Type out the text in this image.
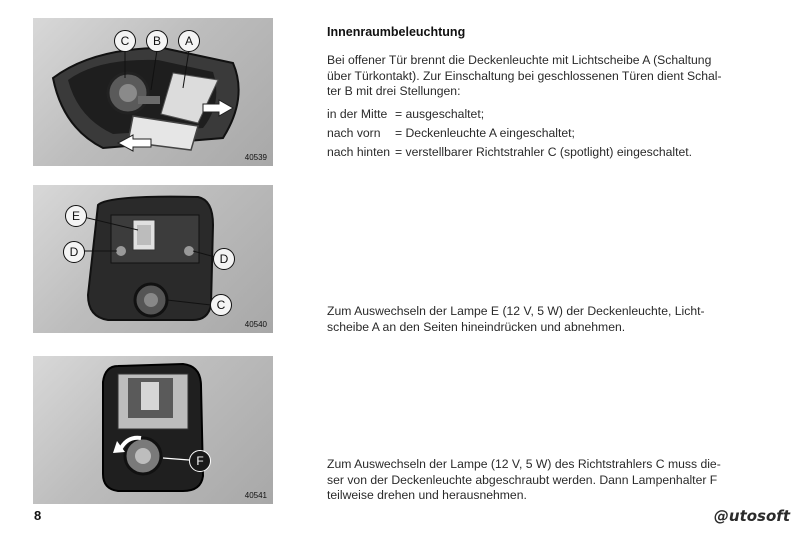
C	B	A
40539
E
D	D
C
40540
F
40541
Innenraumbeleuchtung
Bei offener Tür brennt die Deckenleuchte mit Lichtscheibe A (Schaltung
über Türkontakt). Zur Einschaltung bei geschlossenen Türen dient Schal-
ter B mit drei Stellungen:
in der Mitte = ausgeschaltet;
nach vorn	= Deckenleuchte A eingeschaltet;
nach hinten = verstellbarer Richtstrahler C (spotlight) eingeschaltet.
Zum Auswechseln der Lampe E (12 V, 5 W) der Deckenleuchte, Licht-
scheibe A an den Seiten hineindrücken und abnehmen.
Zum Auswechseln der Lampe (12 V, 5 W) des Richtstrahlers C muss die-
ser von der Deckenleuchte abgeschraubt werden. Dann Lampenhalter F
teilweise drehen und herausnehmen.
8	@utosoft
